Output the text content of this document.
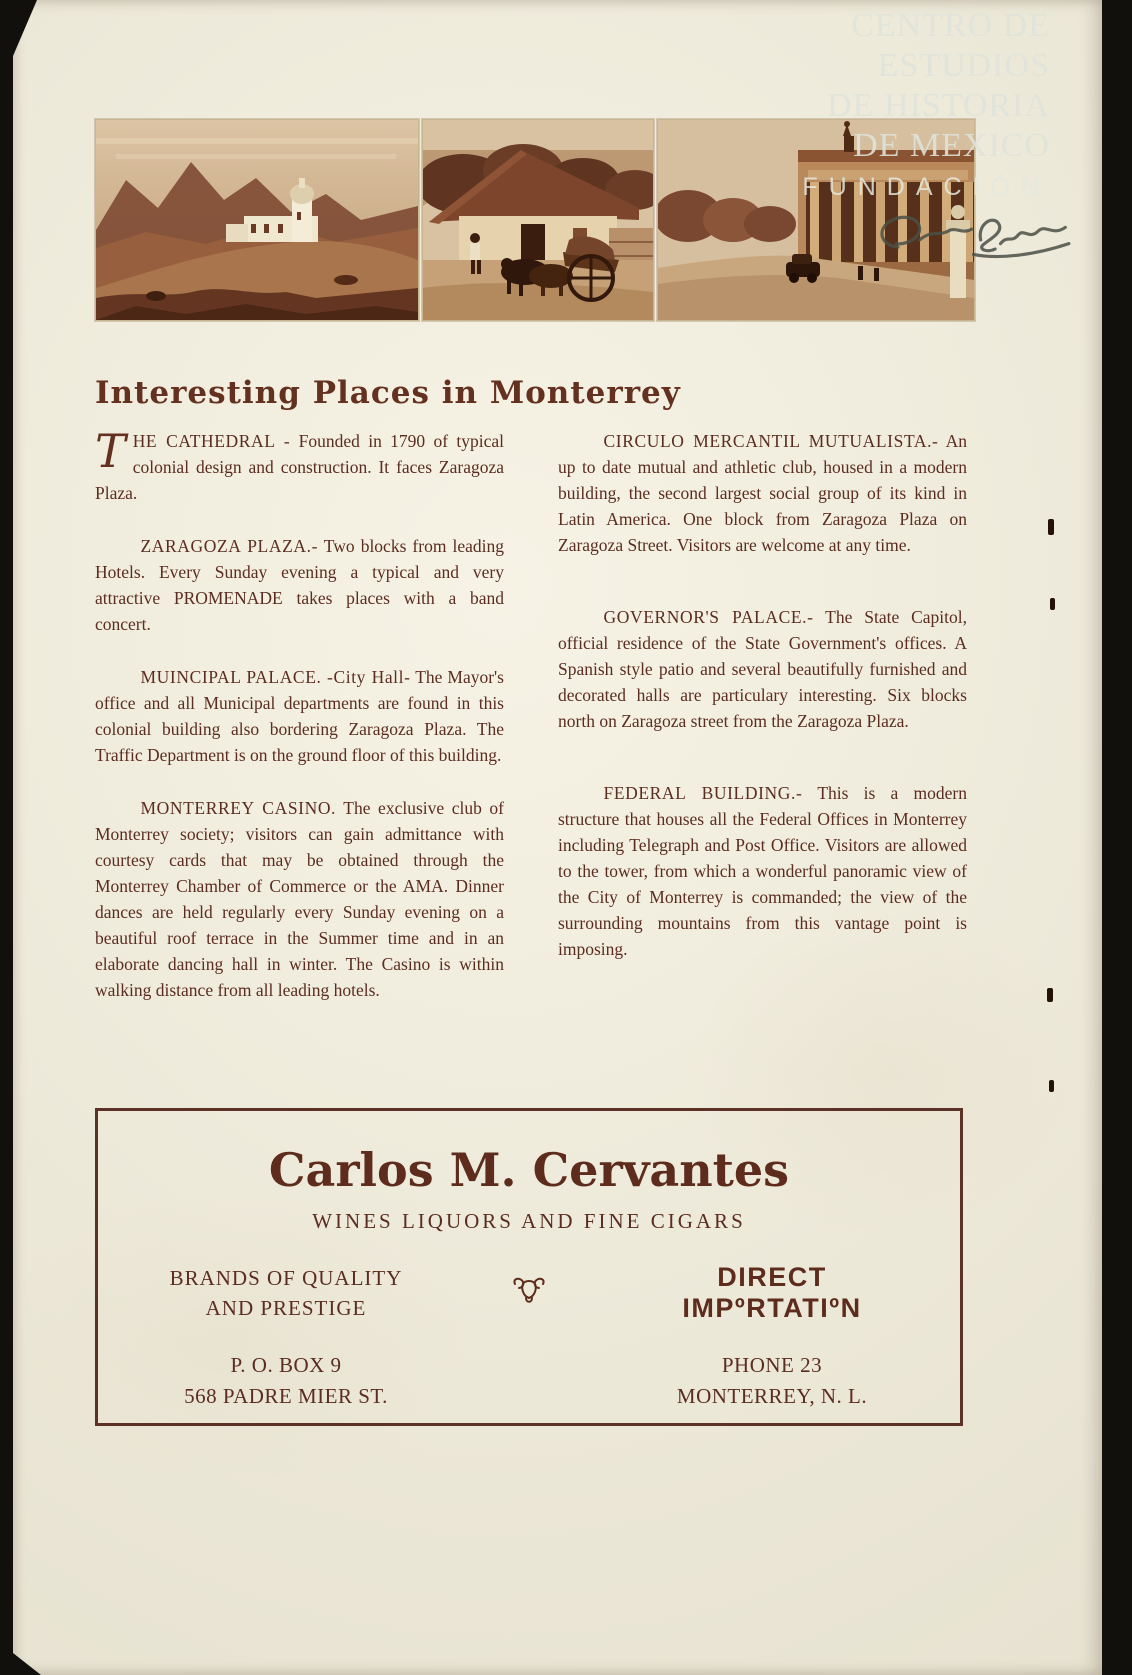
CENTRO DE
ESTUDIOS
DE HISTORIA
DE MEXICO
FUNDACIÓN
Interesting Places in Monterrey

T HE CATHEDRAL - Founded in 1790 of typical colonial design and construction. It faces Zaragoza Plaza.

ZARAGOZA PLAZA.- Two blocks from leading Hotels. Every Sunday evening a typical and very attractive PROMENADE takes places with a band concert.

MUINCIPAL PALACE. -City Hall- The Mayor's office and all Municipal departments are found in this colonial building also bordering Zaragoza Plaza. The Traffic Department is on the ground floor of this building.

MONTERREY CASINO. The exclusive club of Monterrey society; visitors can gain admittance with courtesy cards that may be obtained through the Monterrey Chamber of Commerce or the AMA. Dinner dances are held regularly every Sunday evening on a beautiful roof terrace in the Summer time and in an elaborate dancing hall in winter. The Casino is within walking distance from all leading hotels.

CIRCULO MERCANTIL MUTUALISTA.- An up to date mutual and athletic club, housed in a modern building, the second largest social group of its kind in Latin America. One block from Zaragoza Plaza on Zaragoza Street. Visitors are welcome at any time.

GOVERNOR'S PALACE.- The State Capitol, official residence of the State Government's offices. A Spanish style patio and several beautifully furnished and decorated halls are particulary interesting. Six blocks north on Zaragoza street from the Zaragoza Plaza.

FEDERAL BUILDING.- This is a modern structure that houses all the Federal Offices in Monterrey including Telegraph and Post Office. Visitors are allowed to the tower, from which a wonderful panoramic view of the City of Monterrey is commanded; the view of the surrounding mountains from this vantage point is imposing.

Carlos M. Cervantes
WINES LIQUORS AND FINE CIGARS
BRANDS OF QUALITY
AND PRESTIGE
DIRECT
IMPºRTATIºN
P. O. BOX 9
568 PADRE MIER ST.
PHONE 23
MONTERREY, N. L.
